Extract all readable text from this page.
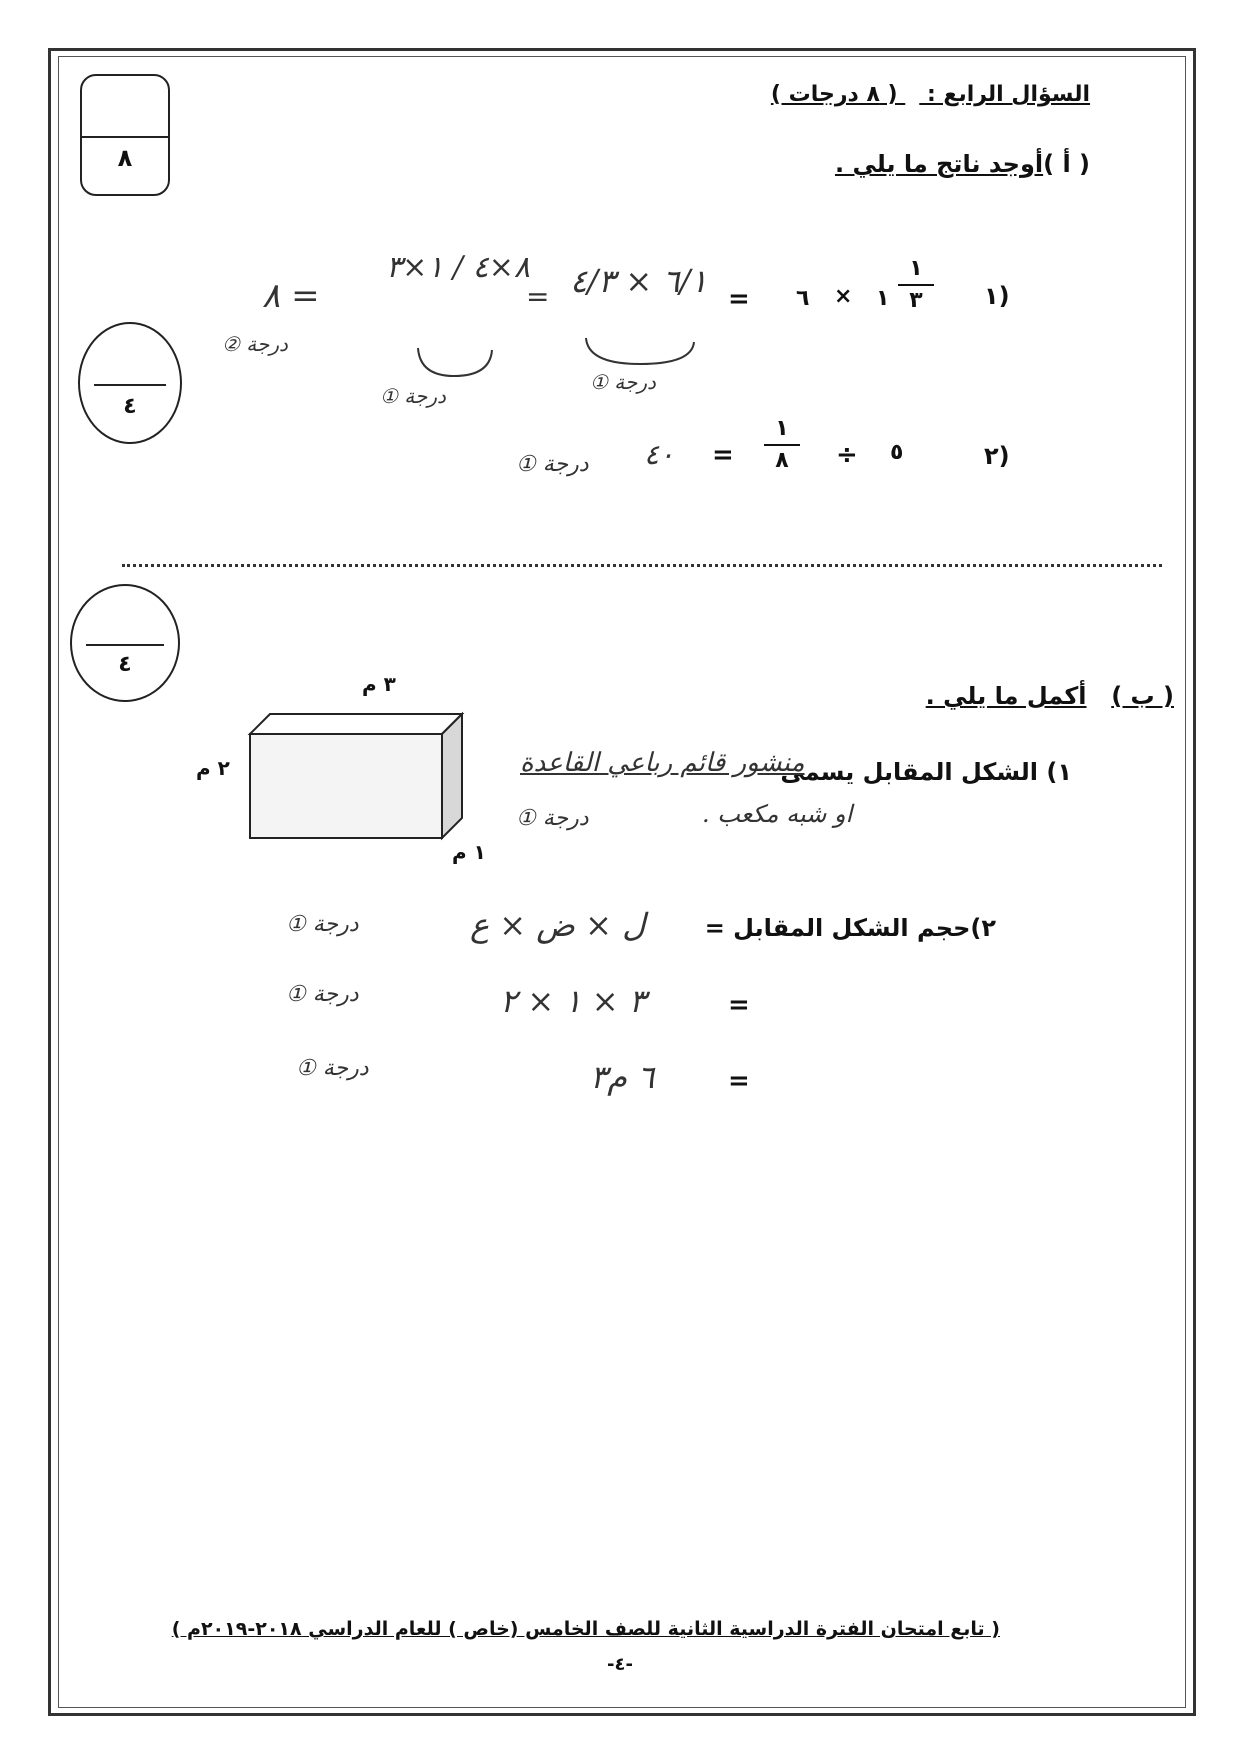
السؤال الرابع :  ( ٨ درجات )
٨	( أ )أوجد ناتج ما يلي .
٤
١)
١
٣
١
×
٦
=
٦/١ × ٤/٣
=
٨×٤ / ١×٣
٨ =
① درجة
① درجة
② درجة
٢)
٥
÷
١
٨
=
٤٠
① درجة
٤
( ب )  أكمل ما يلي .
٣ م
٢ م
١ م
١) الشكل المقابل يسمى
منشور قائم رباعي القاعدة
او شبه مكعب .
① درجة
٢)حجم الشكل المقابل =
ل × ض × ع
① درجة
=
٣ × ١ × ٢
① درجة
=
٦ م٣
① درجة
( تابع امتحان الفترة الدراسية الثانية للصف الخامس (خاص ) للعام الدراسي ٢٠١٨-٢٠١٩م )
-٤-
